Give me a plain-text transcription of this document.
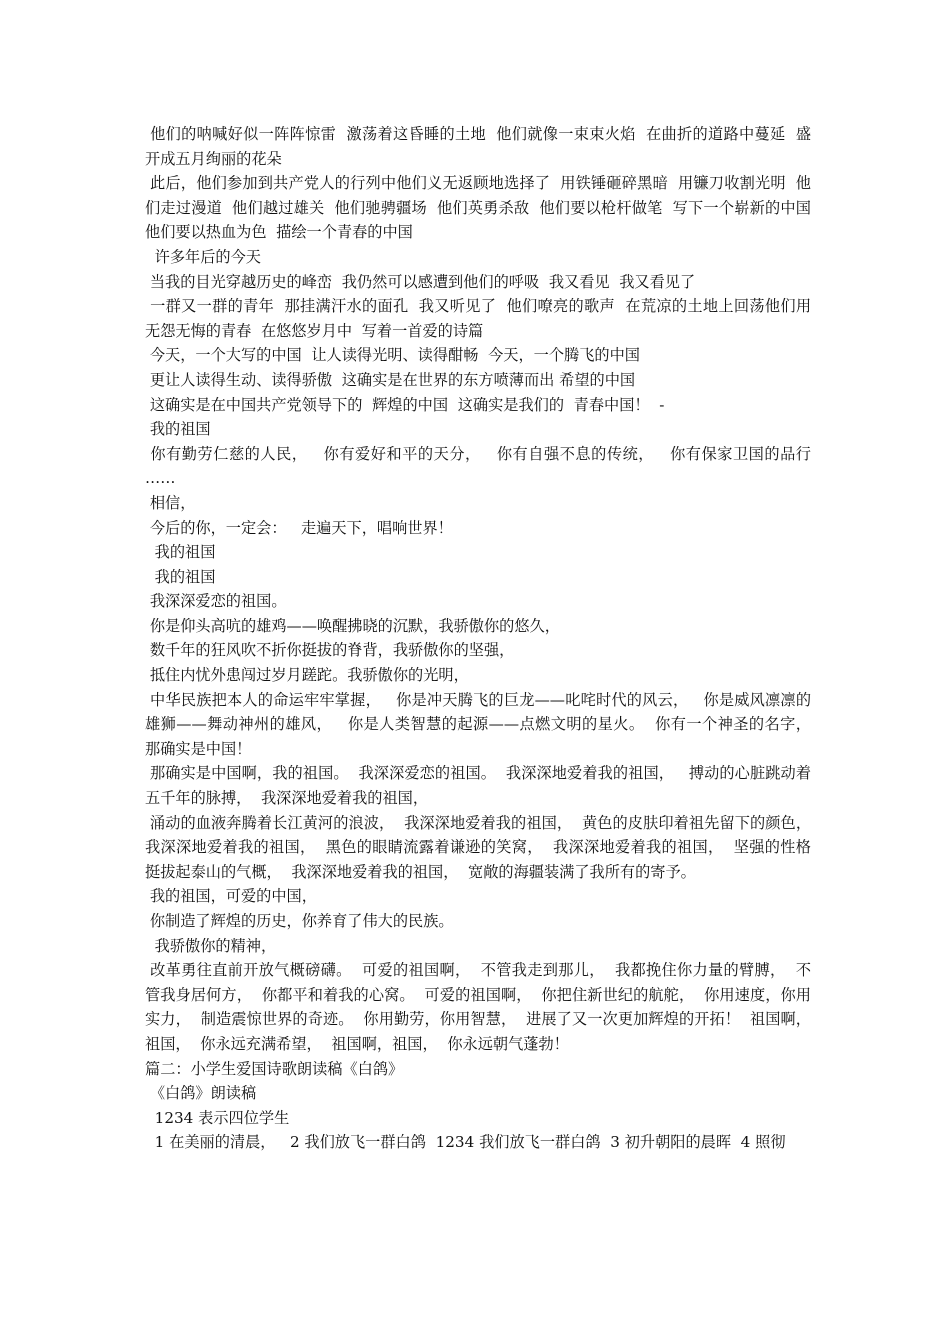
他们的呐喊好似一阵阵惊雷  激荡着这昏睡的土地  他们就像一束束火焰  在曲折的道路中蔓延  盛开成五月绚丽的花朵

此后，他们参加到共产党人的行列中他们义无返顾地选择了  用铁锤砸碎黑暗  用镰刀收割光明  他们走过漫道  他们越过雄关  他们驰骋疆场  他们英勇杀敌  他们要以枪杆做笔  写下一个崭新的中国  他们要以热血为色  描绘一个青春的中国

许多年后的今天

当我的目光穿越历史的峰峦  我仍然可以感遭到他们的呼吸  我又看见  我又看见了

一群又一群的青年  那挂满汗水的面孔  我又听见了  他们嘹亮的歌声  在荒凉的土地上回荡他们用无怨无悔的青春  在悠悠岁月中  写着一首爱的诗篇

今天，一个大写的中国  让人读得光明、读得酣畅  今天，一个腾飞的中国

更让人读得生动、读得骄傲  这确实是在世界的东方喷薄而出 希望的中国

这确实是在中国共产党领导下的  辉煌的中国  这确实是我们的  青春中国！  -

我的祖国

你有勤劳仁慈的人民，   你有爱好和平的天分，   你有自强不息的传统，   你有保家卫国的品行  ……

相信，

今后的你，一定会：   走遍天下，唱响世界！

我的祖国

我的祖国

我深深爱恋的祖国。

你是仰头高吭的雄鸡——唤醒拂晓的沉默，我骄傲你的悠久，

数千年的狂风吹不折你挺拔的脊背，我骄傲你的坚强，

抵住内忧外患闯过岁月蹉跎。我骄傲你的光明，

中华民族把本人的命运牢牢掌握，   你是冲天腾飞的巨龙——叱咤时代的风云，   你是威风凛凛的雄狮——舞动神州的雄风，   你是人类智慧的起源——点燃文明的星火。  你有一个神圣的名字，  那确实是中国！

那确实是中国啊，我的祖国。  我深深爱恋的祖国。  我深深地爱着我的祖国，   搏动的心脏跳动着五千年的脉搏，  我深深地爱着我的祖国，

涌动的血液奔腾着长江黄河的浪波，  我深深地爱着我的祖国，  黄色的皮肤印着祖先留下的颜色，  我深深地爱着我的祖国，  黑色的眼睛流露着谦逊的笑窝，  我深深地爱着我的祖国，  坚强的性格挺拔起泰山的气概，  我深深地爱着我的祖国，  宽敞的海疆装满了我所有的寄予。

我的祖国，可爱的中国，

你制造了辉煌的历史，你养育了伟大的民族。

我骄傲你的精神，

改革勇往直前开放气概磅礴。  可爱的祖国啊，  不管我走到那儿，  我都挽住你力量的臂膊，  不管我身居何方，  你都平和着我的心窝。  可爱的祖国啊，  你把住新世纪的航舵，  你用速度，你用实力，  制造震惊世界的奇迹。  你用勤劳，你用智慧，  进展了又一次更加辉煌的开拓！  祖国啊，祖国，  你永远充满希望，  祖国啊，祖国，  你永远朝气蓬勃！

篇二：小学生爱国诗歌朗读稿《白鸽》

《白鸽》朗读稿

1234 表示四位学生

1 在美丽的清晨，   2 我们放飞一群白鸽  1234 我们放飞一群白鸽  3 初升朝阳的晨晖  4 照彻
